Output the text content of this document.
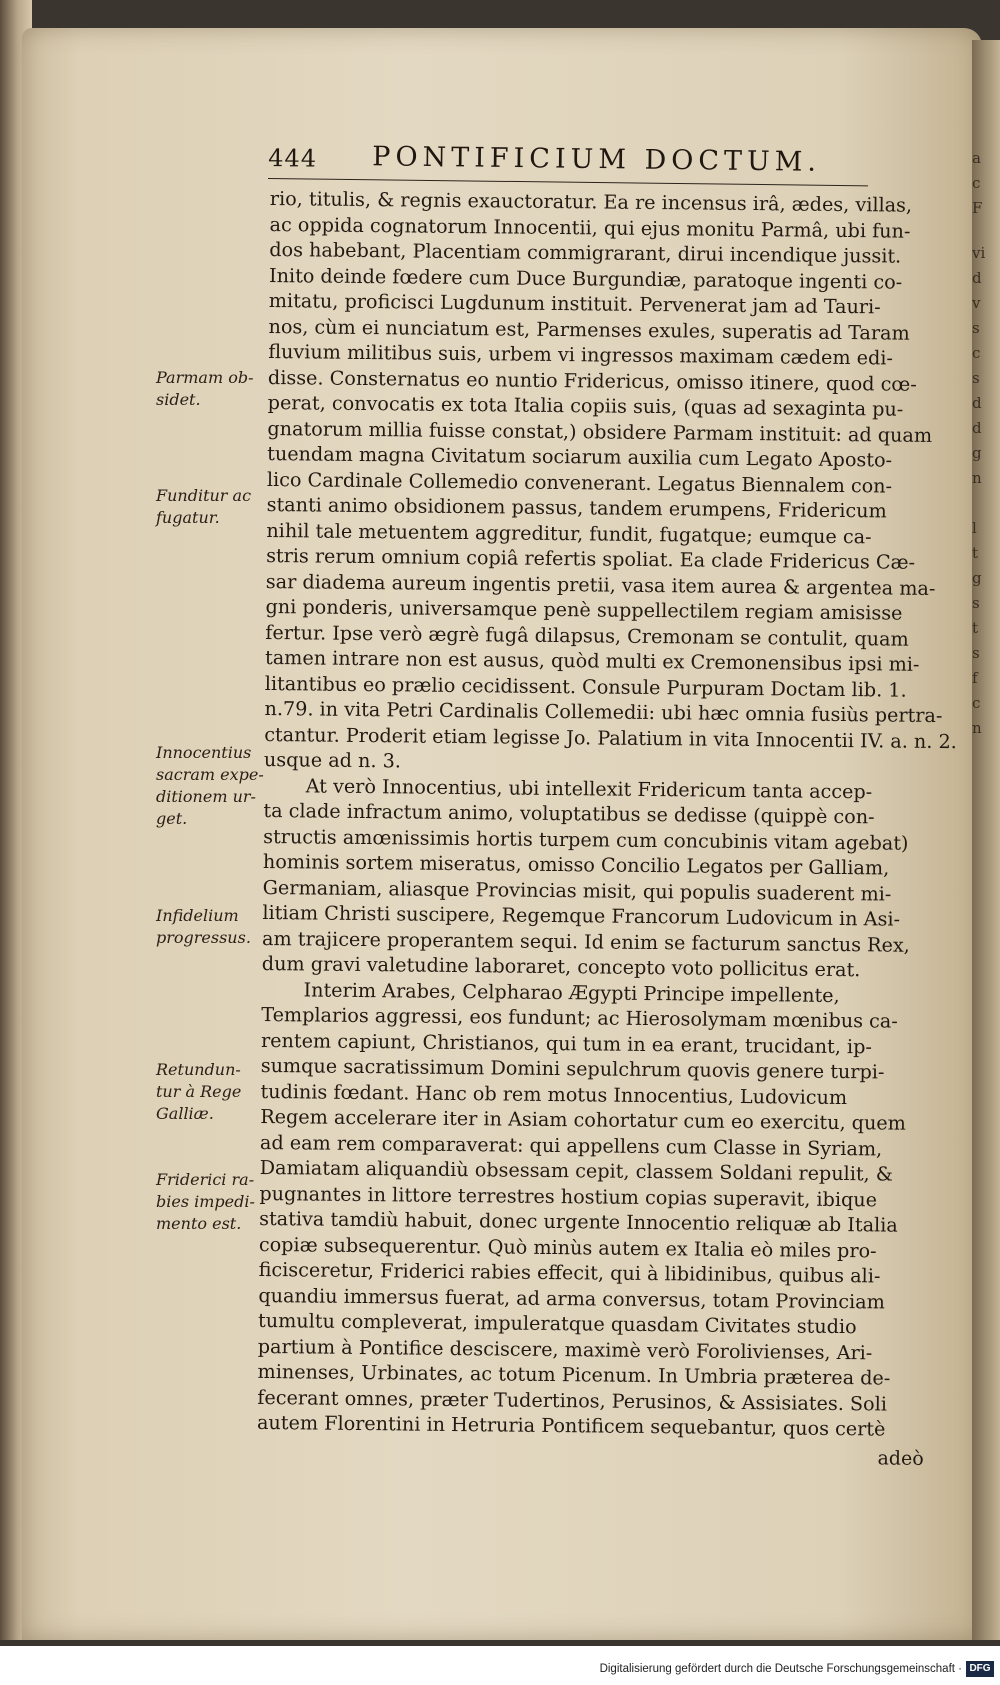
a
c
F
vi
d
v
s
c
s
d
d
g
n
l
t
g
s
t
s
f
c
n
444 PONTIFICIUM DOCTUM.
rio, titulis, & regnis exauctoratur. Ea re incensus irâ, ædes, villas,
ac oppida cognatorum Innocentii, qui ejus monitu Parmâ, ubi fun-
dos habebant, Placentiam commigrarant, dirui incendique jussit.
Inito deinde fœdere cum Duce Burgundiæ, paratoque ingenti co-
mitatu, proficisci Lugdunum instituit. Pervenerat jam ad Tauri-
nos, cùm ei nunciatum est, Parmenses exules, superatis ad Taram
fluvium militibus suis, urbem vi ingressos maximam cædem edi-
disse. Consternatus eo nuntio Fridericus, omisso itinere, quod cœ-
perat, convocatis ex tota Italia copiis suis, (quas ad sexaginta pu-
gnatorum millia fuisse constat,) obsidere Parmam instituit: ad quam
tuendam magna Civitatum sociarum auxilia cum Legato Aposto-
lico Cardinale Collemedio convenerant. Legatus Biennalem con-
stanti animo obsidionem passus, tandem erumpens, Fridericum
nihil tale metuentem aggreditur, fundit, fugatque; eumque ca-
stris rerum omnium copiâ refertis spoliat. Ea clade Fridericus Cæ-
sar diadema aureum ingentis pretii, vasa item aurea & argentea ma-
gni ponderis, universamque penè suppellectilem regiam amisisse
fertur. Ipse verò ægrè fugâ dilapsus, Cremonam se contulit, quam
tamen intrare non est ausus, quòd multi ex Cremonensibus ipsi mi-
litantibus eo prælio cecidissent. Consule Purpuram Doctam lib. 1.
n.79. in vita Petri Cardinalis Collemedii: ubi hæc omnia fusiùs pertra-
ctantur. Proderit etiam legisse Jo. Palatium in vita Innocentii IV. a. n. 2.
usque ad n. 3.
At verò Innocentius, ubi intellexit Fridericum tanta accep-
ta clade infractum animo, voluptatibus se dedisse (quippè con-
structis amœnissimis hortis turpem cum concubinis vitam agebat)
hominis sortem miseratus, omisso Concilio Legatos per Galliam,
Germaniam, aliasque Provincias misit, qui populis suaderent mi-
litiam Christi suscipere, Regemque Francorum Ludovicum in Asi-
am trajicere properantem sequi. Id enim se facturum sanctus Rex,
dum gravi valetudine laboraret, concepto voto pollicitus erat.
Interim Arabes, Celpharao Ægypti Principe impellente,
Templarios aggressi, eos fundunt; ac Hierosolymam mœnibus ca-
rentem capiunt, Christianos, qui tum in ea erant, trucidant, ip-
sumque sacratissimum Domini sepulchrum quovis genere turpi-
tudinis fœdant. Hanc ob rem motus Innocentius, Ludovicum
Regem accelerare iter in Asiam cohortatur cum eo exercitu, quem
ad eam rem comparaverat: qui appellens cum Classe in Syriam,
Damiatam aliquandiù obsessam cepit, classem Soldani repulit, &
pugnantes in littore terrestres hostium copias superavit, ibique
stativa tamdiù habuit, donec urgente Innocentio reliquæ ab Italia
copiæ subsequerentur. Quò minùs autem ex Italia eò miles pro-
ficisceretur, Friderici rabies effecit, qui à libidinibus, quibus ali-
quandiu immersus fuerat, ad arma conversus, totam Provinciam
tumultu compleverat, impuleratque quasdam Civitates studio
partium à Pontifice desciscere, maximè verò Forolivienses, Ari-
minenses, Urbinates, ac totum Picenum. In Umbria præterea de-
fecerant omnes, præter Tudertinos, Perusinos, & Assisiates. Soli
autem Florentini in Hetruria Pontificem sequebantur, quos certè
adeò
Parmam ob-
sidet.
Funditur ac
fugatur.
Innocentius
sacram expe-
ditionem ur-
get.
Infidelium
progressus.
Retundun-
tur à Rege
Galliæ.
Friderici ra-
bies impedi-
mento est.
Digitalisierung gefördert durch die Deutsche Forschungsgemeinschaft · DFG
